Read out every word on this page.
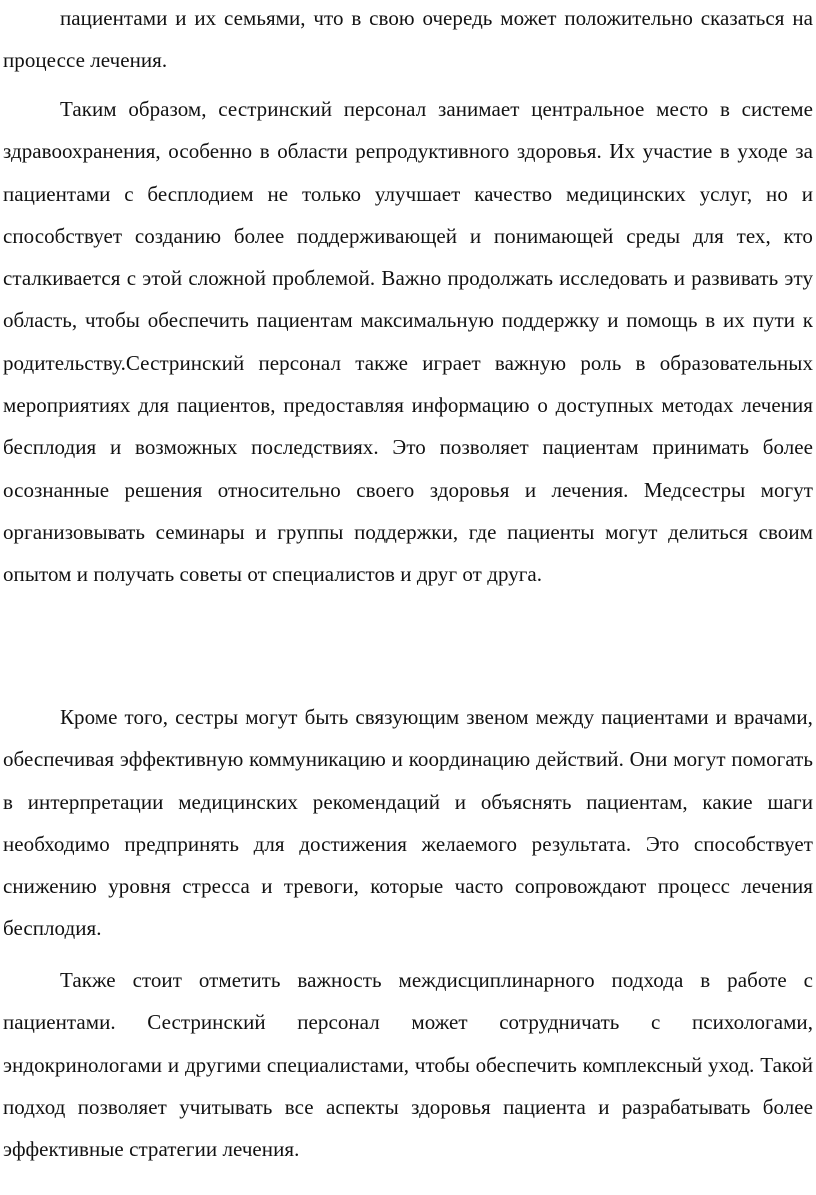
пациентами и их семьями, что в свою очередь может положительно сказаться на процессе лечения.

Таким образом, сестринский персонал занимает центральное место в системе здравоохранения, особенно в области репродуктивного здоровья. Их участие в уходе за пациентами с бесплодием не только улучшает качество медицинских услуг, но и способствует созданию более поддерживающей и понимающей среды для тех, кто сталкивается с этой сложной проблемой. Важно продолжать исследовать и развивать эту область, чтобы обеспечить пациентам максимальную поддержку и помощь в их пути к родительству.Сестринский персонал также играет важную роль в образовательных мероприятиях для пациентов, предоставляя информацию о доступных методах лечения бесплодия и возможных последствиях. Это позволяет пациентам принимать более осознанные решения относительно своего здоровья и лечения. Медсестры могут организовывать семинары и группы поддержки, где пациенты могут делиться своим опытом и получать советы от специалистов и друг от друга.

Кроме того, сестры могут быть связующим звеном между пациентами и врачами, обеспечивая эффективную коммуникацию и координацию действий. Они могут помогать в интерпретации медицинских рекомендаций и объяснять пациентам, какие шаги необходимо предпринять для достижения желаемого результата. Это способствует снижению уровня стресса и тревоги, которые часто сопровождают процесс лечения бесплодия.

Также стоит отметить важность междисциплинарного подхода в работе с пациентами. Сестринский персонал может сотрудничать с психологами, эндокринологами и другими специалистами, чтобы обеспечить комплексный уход. Такой подход позволяет учитывать все аспекты здоровья пациента и разрабатывать более эффективные стратегии лечения.
